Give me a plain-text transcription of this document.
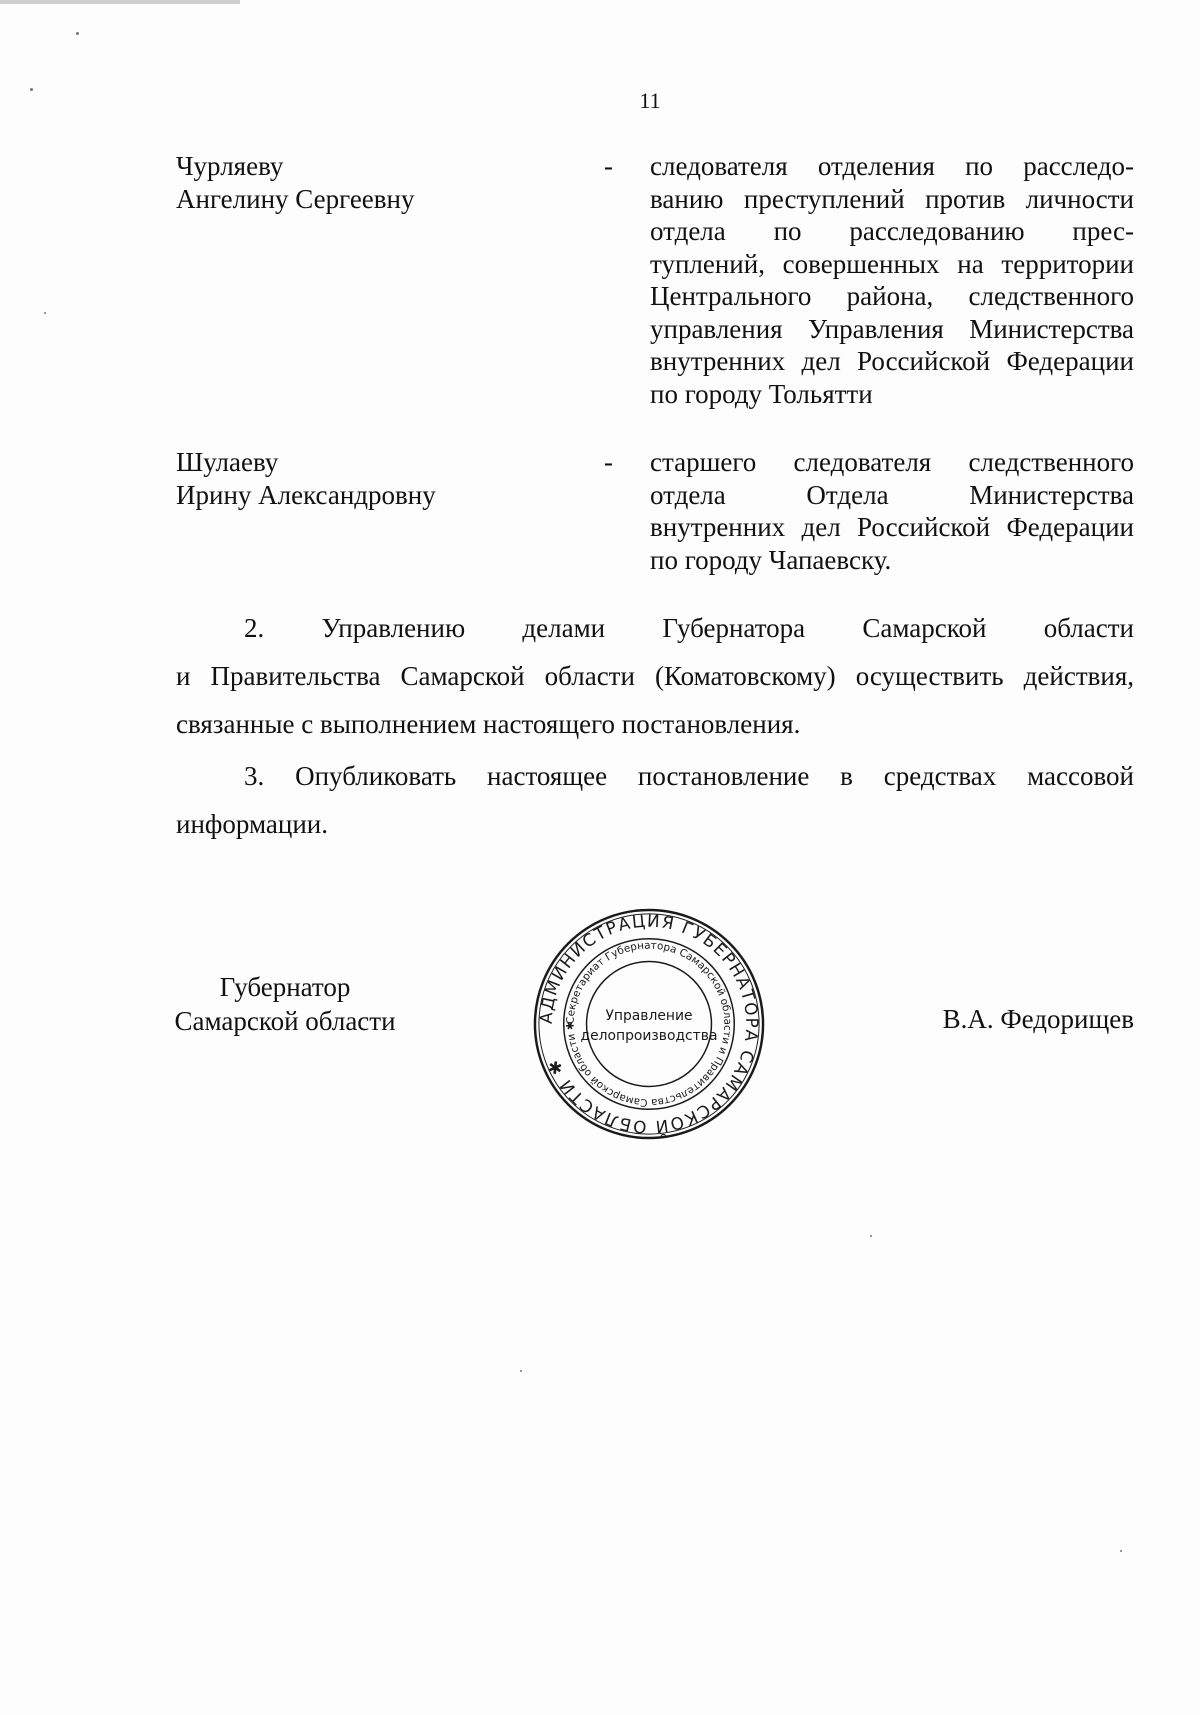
11
Чурляеву
Ангелину Сергеевну
- следователя отделения по расследо-
ванию преступлений против личности
отдела по расследованию прес-
туплений, совершенных на территории
Центрального района, следственного
управления Управления Министерства
внутренних дел Российской Федерации
по городу Тольятти
Шулаеву
Ирину Александровну
- старшего следователя следственного
отдела Отдела Министерства
внутренних дел Российской Федерации
по городу Чапаевску.
2. Управлению делами Губернатора Самарской области
и Правительства Самарской области (Коматовскому) осуществить действия,
связанные с выполнением настоящего постановления.
3. Опубликовать настоящее постановление в средствах массовой
информации.
Губернатор
Самарской области	АДМИНИСТРАЦИЯ ГУБЕРНАТОРА САМАРСКОЙ ОБЛАСТИ ✱
Секретариат Губернатора Самарской области и Правительства Самарской области ✱
Управление
делопроизводства
В.А. Федорищев
